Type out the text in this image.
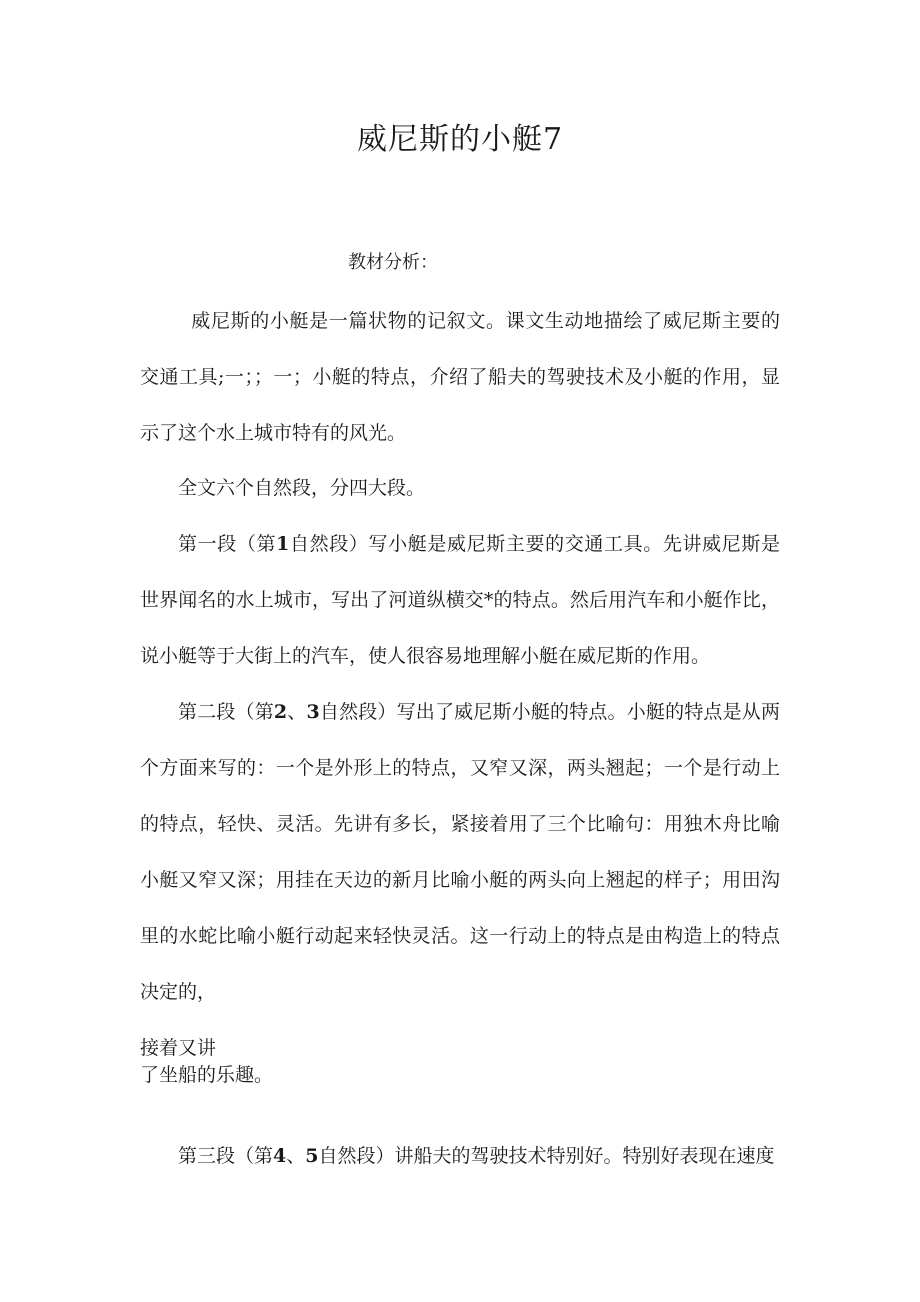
威尼斯的小艇7
教材分析：

威尼斯的小艇是一篇状物的记叙文。课文生动地描绘了威尼斯主要的交通工具;一；；一；小艇的特点，介绍了船夫的驾驶技术及小艇的作用，显示了这个水上城市特有的风光。

全文六个自然段，分四大段。

第一段（第1自然段）写小艇是威尼斯主要的交通工具。先讲威尼斯是世界闻名的水上城市，写出了河道纵横交*的特点。然后用汽车和小艇作比，说小艇等于大街上的汽车，使人很容易地理解小艇在威尼斯的作用。

第二段（第2、3自然段）写出了威尼斯小艇的特点。小艇的特点是从两个方面来写的：一个是外形上的特点，又窄又深，两头翘起；一个是行动上的特点，轻快、灵活。先讲有多长，紧接着用了三个比喻句：用独木舟比喻小艇又窄又深；用挂在天边的新月比喻小艇的两头向上翘起的样子；用田沟里的水蛇比喻小艇行动起来轻快灵活。这一行动上的特点是由构造上的特点决定的，
接着又讲

了坐船的乐趣。

第三段（第4、5自然段）讲船夫的驾驶技术特别好。特别好表现在速度
